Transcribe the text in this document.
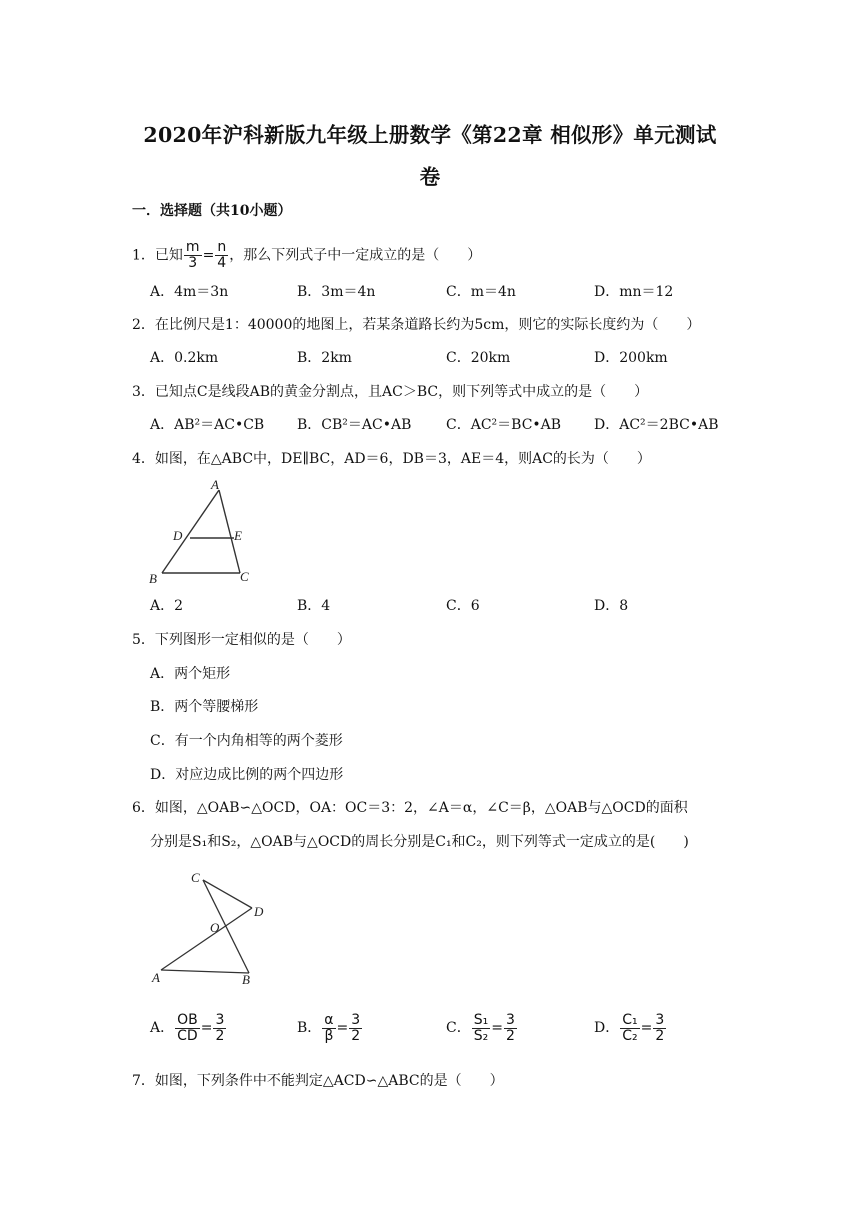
2020年沪科新版九年级上册数学《第22章 相似形》单元测试
卷
一．选择题（共10小题）
1．已知 $\frac{m}{3} = \frac{n}{4}$ ，那么下列式子中一定成立的是（　　）
A．4m＝3n	B．3m＝4n	C．m＝4n	D．mn＝12
2．在比例尺是1：40000的地图上，若某条道路长约为5cm，则它的实际长度约为（　　）
A．0.2km	B．2km	C．20km	D．200km
3．已知点C是线段AB的黄金分割点，且AC＞BC，则下列等式中成立的是（　　）
A．AB²＝AC•CB B．CB²＝AC•AB C．AC²＝BC•AB D．AC²＝2BC•AB
4．如图，在△ABC中，DE∥BC，AD＝6，DB＝3，AE＝4，则AC的长为（　　）
A
D	E
B	C
A．2	B．4	C．6	D．8
5．下列图形一定相似的是（　　）
A．两个矩形
B．两个等腰梯形
C．有一个内角相等的两个菱形
D．对应边成比例的两个四边形
6．如图，△OAB∽△OCD，OA：OC＝3：2，∠A＝α，∠C＝β，△OAB与△OCD的面积
分别是S₁和S₂，△OAB与△OCD的周长分别是C₁和C₂，则下列等式一定成立的是(　　)
C
D
O
A	B
A． $\frac{OB}{CD} = \frac{3}{2}$	B． $\frac{\alpha}{\beta} = \frac{3}{2}$	C． $\frac{\text{S₁}}{\text{S₂}} = \frac{3}{2}$	D． $\frac{\text{C₁}}{\text{C₂}} = \frac{3}{2}$
7．如图，下列条件中不能判定△ACD∽△ABC的是（　　）
